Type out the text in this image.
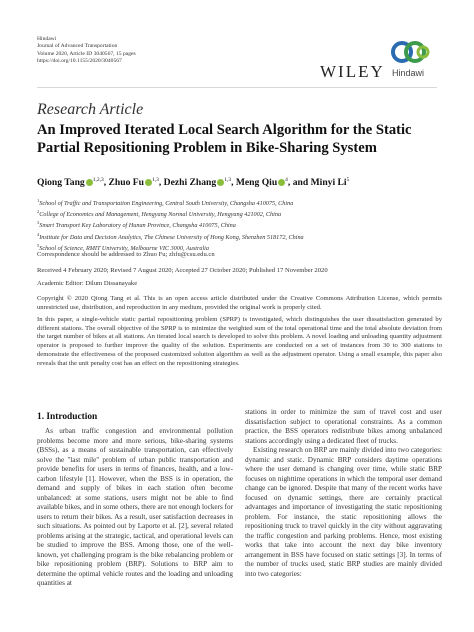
Hindawi
Journal of Advanced Transportation
Volume 2020, Article ID 3040567, 15 pages
https://doi.org/10.1155/2020/3040567
WILEY Hindawi
Research Article
An Improved Iterated Local Search Algorithm for the Static Partial Repositioning Problem in Bike-Sharing System
Qiong Tang $^{1,2,3}$, Zhuo Fu $^{1,3}$, Dezhi Zhang $^{1,3}$, Meng Qiu $^4$, and Minyi Li$^5$
$^1$School of Traffic and Transportation Engineering, Central South University, Changsha 410075, China
$^2$College of Economics and Management, Hengyang Normal University, Hengyang 421002, China
$^3$Smart Transport Key Laboratory of Hunan Province, Changsha 410075, China
$^4$Institute for Data and Decision Analytics, The Chinese University of Hong Kong, Shenzhen 518172, China
$^5$School of Science, RMIT University, Melbourne VIC 3000, Australia
Correspondence should be addressed to Zhuo Fu; zhfu@csu.edu.cn
Received 4 February 2020; Revised 7 August 2020; Accepted 27 October 2020; Published 17 November 2020
Academic Editor: Dilum Dissanayake
Copyright © 2020 Qiong Tang et al. This is an open access article distributed under the Creative Commons Attribution License, which permits unrestricted use, distribution, and reproduction in any medium, provided the original work is properly cited.
In this paper, a single-vehicle static partial repositioning problem (SPRP) is investigated, which distinguishes the user dissatisfaction generated by different stations. The overall objective of the SPRP is to minimize the weighted sum of the total operational time and the total absolute deviation from the target number of bikes at all stations. An iterated local search is developed to solve this problem. A novel loading and unloading quantity adjustment operator is proposed to further improve the quality of the solution. Experiments are conducted on a set of instances from 30 to 300 stations to demonstrate the effectiveness of the proposed customized solution algorithm as well as the adjustment operator. Using a small example, this paper also reveals that the unit penalty cost has an effect on the repositioning strategies.
1. Introduction

As urban traffic congestion and environmental pollution problems become more and more serious, bike-sharing systems (BSSs), as a means of sustainable transportation, can effectively solve the "last mile" problem of urban public transportation and provide benefits for users in terms of finances, health, and a low-carbon lifestyle [1]. However, when the BSS is in operation, the demand and supply of bikes in each station often become unbalanced: at some stations, users might not be able to find available bikes, and in some others, there are not enough lockers for users to return their bikes. As a result, user satisfaction decreases in such situations. As pointed out by Laporte et al. [2], several related problems arising at the strategic, tactical, and operational levels can be studied to improve the BSS. Among those, one of the well-known, yet challenging program is the bike rebalancing problem or bike repositioning problem (BRP). Solutions to BRP aim to determine the optimal vehicle routes and the loading and unloading quantities at

stations in order to minimize the sum of travel cost and user dissatisfaction subject to operational constraints. As a common practice, the BSS operators redistribute bikes among unbalanced stations accordingly using a dedicated fleet of trucks.

Existing research on BRP are mainly divided into two categories: dynamic and static. Dynamic BRP considers daytime operations where the user demand is changing over time, while static BRP focuses on nighttime operations in which the temporal user demand change can be ignored. Despite that many of the recent works have focused on dynamic settings, there are certainly practical advantages and importance of investigating the static repositioning problem. For instance, the static repositioning allows the repositioning truck to travel quickly in the city without aggravating the traffic congestion and parking problems. Hence, most existing works that take into account the next day bike inventory arrangement in BSS have focused on static settings [3]. In terms of the number of trucks used, static BRP studies are mainly divided into two categories:
